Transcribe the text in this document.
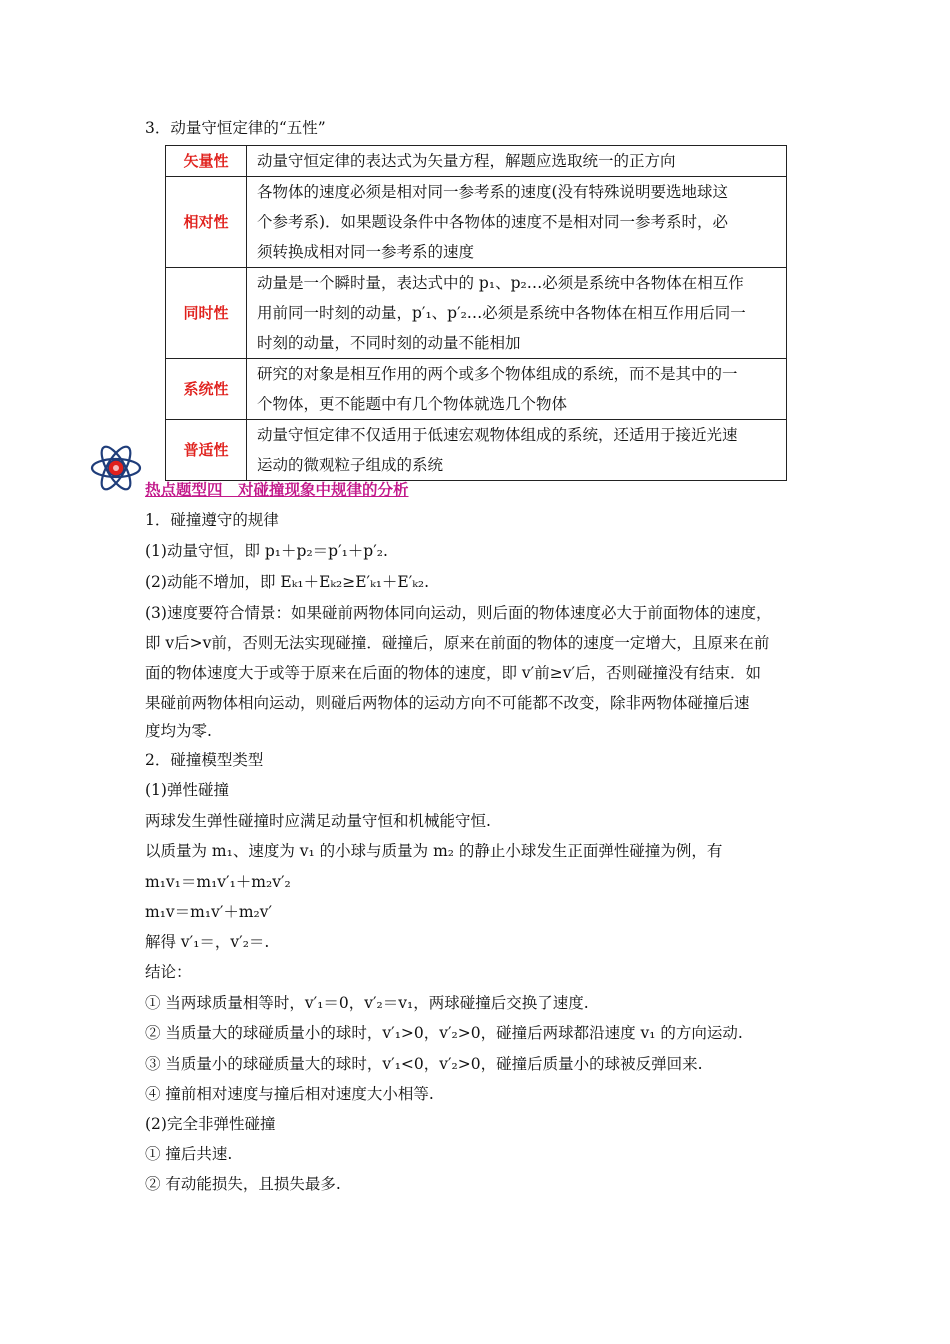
3．动量守恒定律的“五性”
矢量性	动量守恒定律的表达式为矢量方程，解题应选取统一的正方向

相对性	各物体的速度必须是相对同一参考系的速度(没有特殊说明要选地球这
个参考系)．如果题设条件中各物体的速度不是相对同一参考系时，必
须转换成相对同一参考系的速度

同时性	动量是一个瞬时量，表达式中的 p₁、p₂…必须是系统中各物体在相互作
用前同一时刻的动量，p′₁、p′₂…必须是系统中各物体在相互作用后同一
时刻的动量，不同时刻的动量不能相加

系统性	研究的对象是相互作用的两个或多个物体组成的系统，而不是其中的一
个物体，更不能题中有几个物体就选几个物体

普适性	动量守恒定律不仅适用于低速宏观物体组成的系统，还适用于接近光速
运动的微观粒子组成的系统
热点题型四　对碰撞现象中规律的分析
1．碰撞遵守的规律
(1)动量守恒，即 p₁＋p₂＝p′₁＋p′₂.
(2)动能不增加，即 Eₖ₁＋Eₖ₂≥E′ₖ₁＋E′ₖ₂.
(3)速度要符合情景：如果碰前两物体同向运动，则后面的物体速度必大于前面物体的速度，
即 v后>v前，否则无法实现碰撞．碰撞后，原来在前面的物体的速度一定增大，且原来在前
面的物体速度大于或等于原来在后面的物体的速度，即 v′前≥v′后，否则碰撞没有结束．如
果碰前两物体相向运动，则碰后两物体的运动方向不可能都不改变，除非两物体碰撞后速
度均为零.
2．碰撞模型类型
(1)弹性碰撞
两球发生弹性碰撞时应满足动量守恒和机械能守恒.
以质量为 m₁、速度为 v₁ 的小球与质量为 m₂ 的静止小球发生正面弹性碰撞为例，有
m₁v₁＝m₁v′₁＋m₂v′₂
m₁v＝m₁v′＋m₂v′
解得 v′₁＝，v′₂＝.
结论：
① 当两球质量相等时，v′₁＝0，v′₂＝v₁，两球碰撞后交换了速度.
② 当质量大的球碰质量小的球时，v′₁>0，v′₂>0，碰撞后两球都沿速度 v₁ 的方向运动.
③ 当质量小的球碰质量大的球时，v′₁<0，v′₂>0，碰撞后质量小的球被反弹回来.
④ 撞前相对速度与撞后相对速度大小相等.
(2)完全非弹性碰撞
① 撞后共速.
② 有动能损失，且损失最多.
